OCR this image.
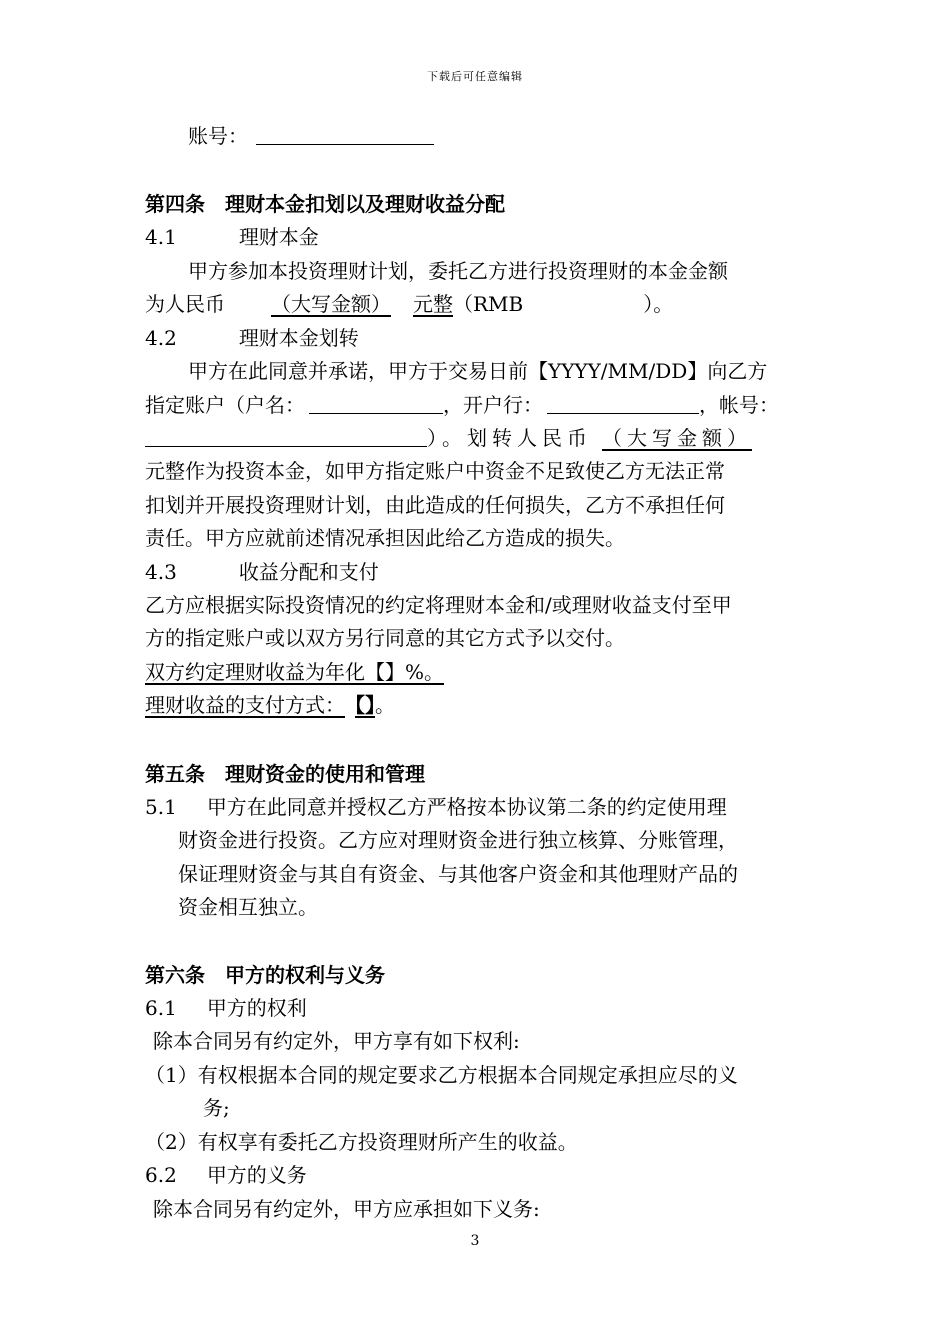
下载后可任意编辑
账号：
第四条　理财本金扣划以及理财收益分配
4.1	理财本金
甲方参加本投资理财计划，委托乙方进行投资理财的本金金额
为人民币 （大写金额） 元整（RMB　　　　　　）。
4.2	理财本金划转
甲方在此同意并承诺，甲方于交易日前【YYYY/MM/DD】向乙方
指定账户（户名：	，开户行：	，帐号：
）。划转人民币 （大写金额）
元整作为投资本金，如甲方指定账户中资金不足致使乙方无法正常
扣划并开展投资理财计划，由此造成的任何损失，乙方不承担任何
责任。甲方应就前述情况承担因此给乙方造成的损失。
4.3	收益分配和支付
乙方应根据实际投资情况的约定将理财本金和/或理财收益支付至甲
方的指定账户或以双方另行同意的其它方式予以交付。
双方约定理财收益为年化【】%。
理财收益的支付方式： 【】。
第五条　理财资金的使用和管理
5.1 甲方在此同意并授权乙方严格按本协议第二条的约定使用理
财资金进行投资。乙方应对理财资金进行独立核算、分账管理，
保证理财资金与其自有资金、与其他客户资金和其他理财产品的
资金相互独立。
第六条　甲方的权利与义务
6.1 甲方的权利
除本合同另有约定外，甲方享有如下权利:
（1）有权根据本合同的规定要求乙方根据本合同规定承担应尽的义
务;
（2）有权享有委托乙方投资理财所产生的收益。
6.2 甲方的义务
除本合同另有约定外，甲方应承担如下义务:
3
